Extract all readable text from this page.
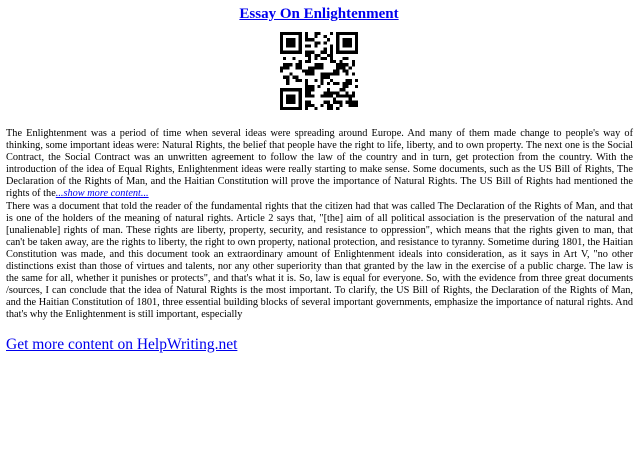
Essay On Enlightenment

The Enlightenment was a period of time when several ideas were spreading around Europe. And many of them made change to people's way of thinking, some important ideas were: Natural Rights, the belief that people have the right to life, liberty, and to own property. The next one is the Social Contract, the Social Contract was an unwritten agreement to follow the law of the country and in turn, get protection from the country. With the introduction of the idea of Equal Rights, Enlightenment ideas were really starting to make sense. Some documents, such as the US Bill of Rights, The Declaration of the Rights of Man, and the Haitian Constitution will prove the importance of Natural Rights. The US Bill of Rights had mentioned the rights of the...show more content...

There was a document that told the reader of the fundamental rights that the citizen had that was called The Declaration of the Rights of Man, and that is one of the holders of the meaning of natural rights. Article 2 says that, "[the] aim of all political association is the preservation of the natural and [unalienable] rights of man. These rights are liberty, property, security, and resistance to oppression", which means that the rights given to man, that can't be taken away, are the rights to liberty, the right to own property, national protection, and resistance to tyranny. Sometime during 1801, the Haitian Constitution was made, and this document took an extraordinary amount of Enlightenment ideals into consideration, as it says in Art V, "no other distinctions exist than those of virtues and talents, nor any other superiority than that granted by the law in the exercise of a public charge. The law is the same for all, whether it punishes or protects", and that's what it is. So, law is equal for everyone. So, with the evidence from three great documents /sources, I can conclude that the idea of Natural Rights is the most important. To clarify, the US Bill of Rights, the Declaration of the Rights of Man, and the Haitian Constitution of 1801, three essential building blocks of several important governments, emphasize the importance of natural rights. And that's why the Enlightenment is still important, especially

Get more content on HelpWriting.net
